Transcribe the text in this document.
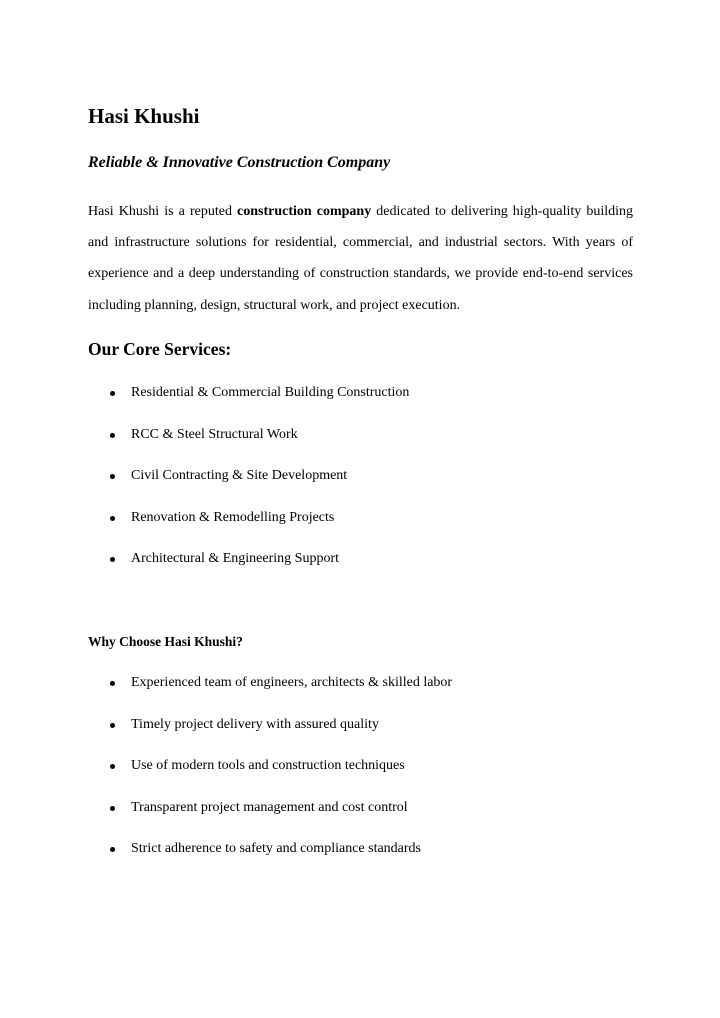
Hasi Khushi
Reliable & Innovative Construction Company

Hasi Khushi is a reputed construction company dedicated to delivering high-quality building
and infrastructure solutions for residential, commercial, and industrial sectors. With years of
experience and a deep understanding of construction standards, we provide end-to-end services
including planning, design, structural work, and project execution.

Our Core Services:
Residential & Commercial Building Construction
RCC & Steel Structural Work
Civil Contracting & Site Development
Renovation & Remodelling Projects
Architectural & Engineering Support
Why Choose Hasi Khushi?
Experienced team of engineers, architects & skilled labor
Timely project delivery with assured quality
Use of modern tools and construction techniques
Transparent project management and cost control
Strict adherence to safety and compliance standards
